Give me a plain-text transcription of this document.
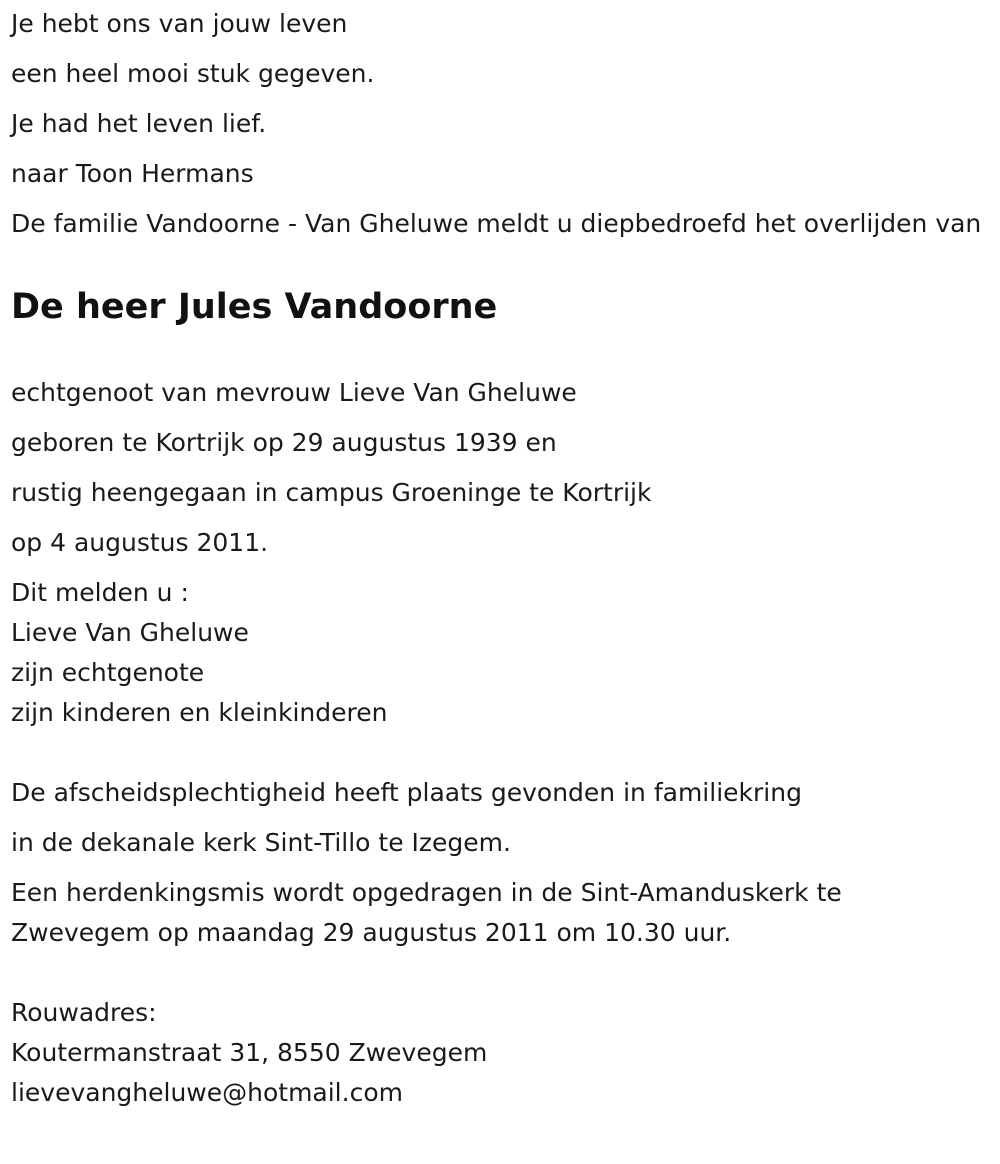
Je hebt ons van jouw leven

een heel mooi stuk gegeven.

Je had het leven lief.

naar Toon Hermans

De familie Vandoorne - Van Gheluwe meldt u diepbedroefd het overlijden van

De heer Jules Vandoorne

echtgenoot van mevrouw Lieve Van Gheluwe

geboren te Kortrijk op 29 augustus 1939 en

rustig heengegaan in campus Groeninge te Kortrijk

op 4 augustus 2011.

Dit melden u :

Lieve Van Gheluwe

zijn echtgenote

zijn kinderen en kleinkinderen

De afscheidsplechtigheid heeft plaats gevonden in familiekring

in de dekanale kerk Sint-Tillo te Izegem.

Een herdenkingsmis wordt opgedragen in de Sint-Amanduskerk te Zwevegem op maandag 29 augustus 2011 om 10.30 uur.

Rouwadres:

Koutermanstraat 31, 8550 Zwevegem

lievevangheluwe@hotmail.com
